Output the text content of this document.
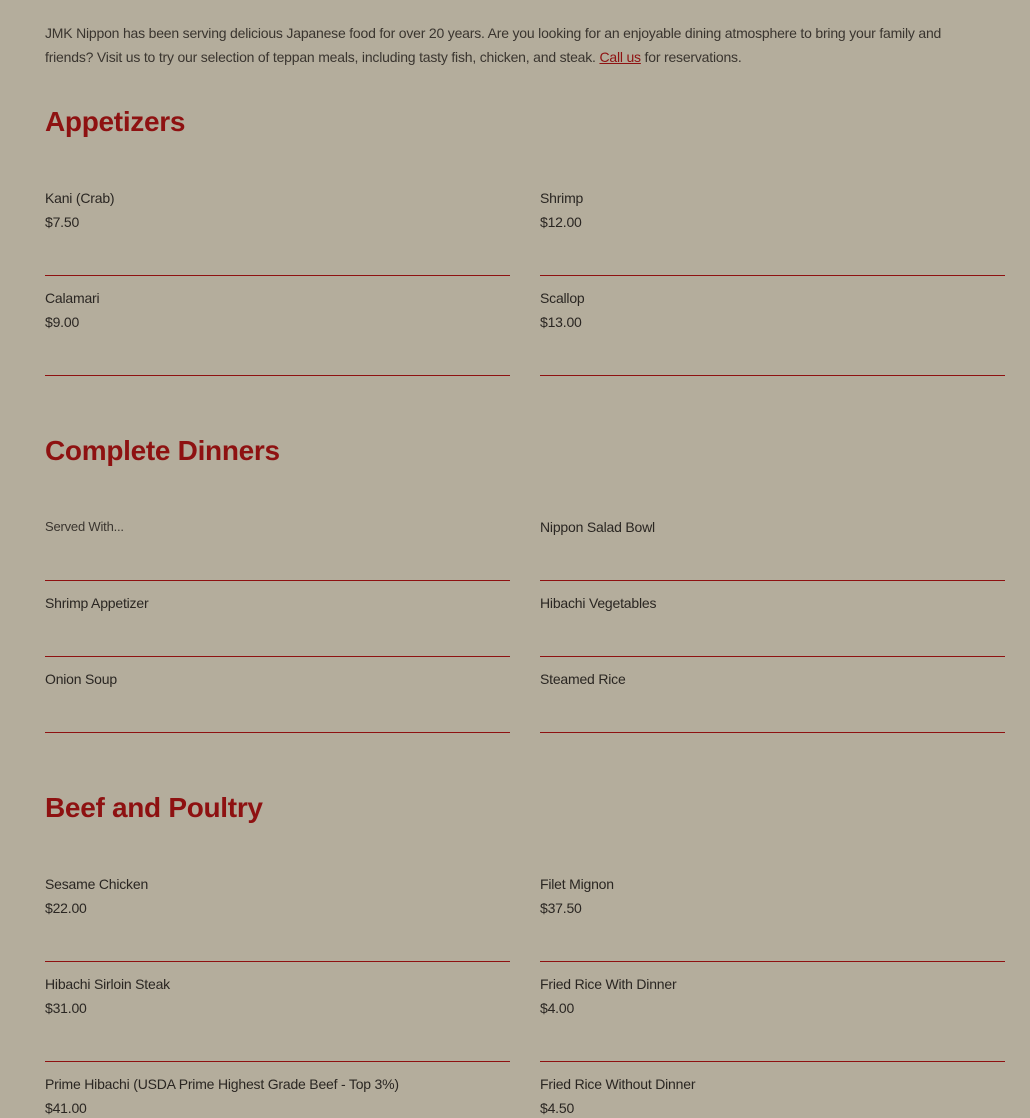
JMK Nippon has been serving delicious Japanese food for over 20 years. Are you looking for an enjoyable dining atmosphere to bring your family and friends? Visit us to try our selection of teppan meals, including tasty fish, chicken, and steak. Call us for reservations.

Appetizers
Kani (Crab)
$7.50
Shrimp
$12.00
Calamari
$9.00
Scallop
$13.00
Complete Dinners
Served With...	Nippon Salad Bowl
Shrimp Appetizer	Hibachi Vegetables
Onion Soup	Steamed Rice
Beef and Poultry
Sesame Chicken
$22.00
Filet Mignon
$37.50
Hibachi Sirloin Steak
$31.00
Fried Rice With Dinner
$4.00
Prime Hibachi (USDA Prime Highest Grade Beef - Top 3%)
$41.00
Fried Rice Without Dinner
$4.50
